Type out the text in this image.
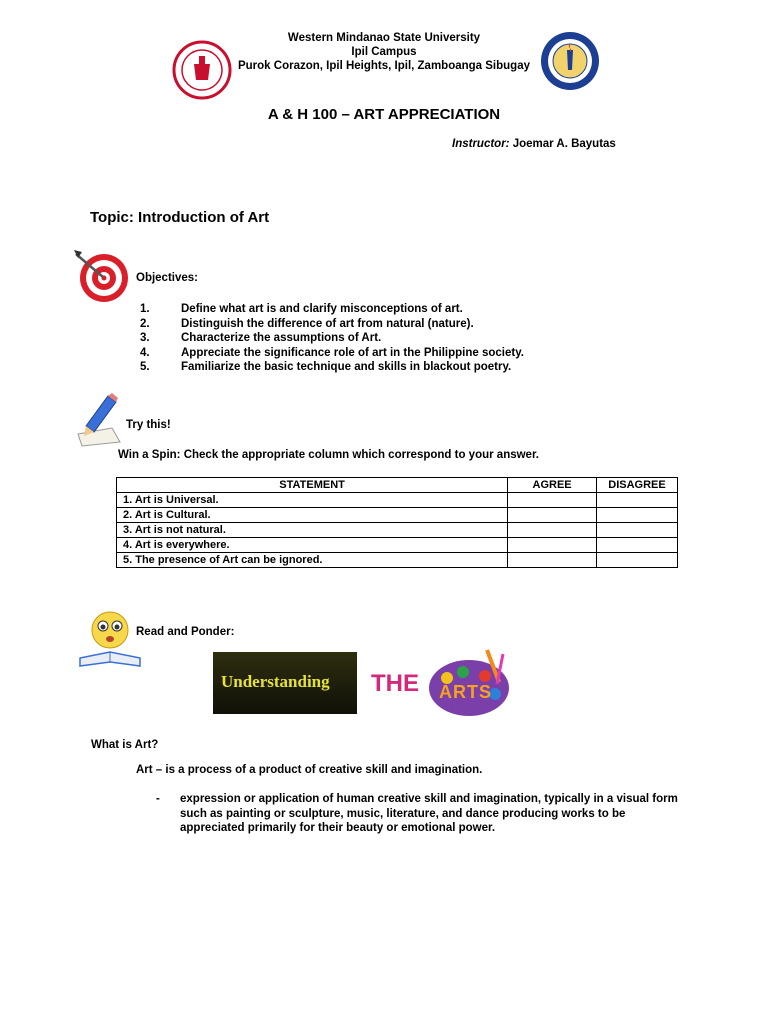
Western Mindanao State University
Ipil Campus
Purok Corazon, Ipil Heights, Ipil, Zamboanga Sibugay
A & H 100 – ART APPRECIATION
Instructor: Joemar A. Bayutas
Topic: Introduction of Art
Objectives:
1.	Define what art is and clarify misconceptions of art.
2.	Distinguish the difference of art from natural (nature).
3.	Characterize the assumptions of Art.
4.	Appreciate the significance role of art in the Philippine society.
5.	Familiarize the basic technique and skills in blackout poetry.
Try this!
Win a Spin: Check the appropriate column which correspond to your answer.
STATEMENT	AGREE	DISAGREE
1. Art is Universal.		
2. Art is Cultural.		
3. Art is not natural.		
4. Art is everywhere.		
5. The presence of Art can be ignored.		
Read and Ponder:
Understanding THE ARTS
What is Art?
Art – is a process of a product of creative skill and imagination.
- expression or application of human creative skill and imagination, typically in a visual form such as painting or sculpture, music, literature, and dance producing works to be appreciated primarily for their beauty or emotional power.
